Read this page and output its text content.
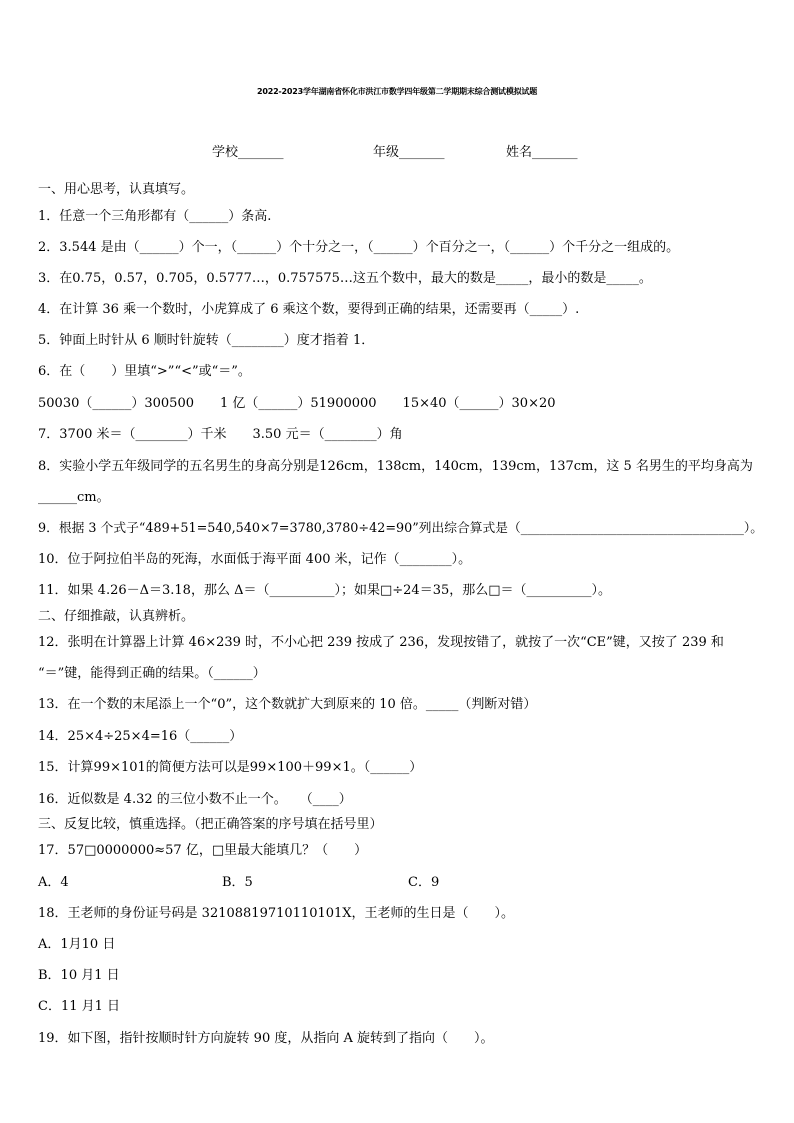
2022-2023学年湖南省怀化市洪江市数学四年级第二学期期末综合测试模拟试题
学校_______	年级_______	姓名_______
一、用心思考，认真填写。
1．任意一个三角形都有（______）条高.
2．3.544 是由（______）个一，（______）个十分之一，（______）个百分之一，（______）个千分之一组成的。
3．在0.75，0.57，0.705，0.5777…，0.757575…这五个数中，最大的数是_____，最小的数是_____。
4．在计算 36 乘一个数时，小虎算成了 6 乘这个数，要得到正确的结果，还需要再（_____）.
5．钟面上时针从 6 顺时针旋转（________）度才指着 1．
6．在（　　）里填“>”“<”或“＝”。
50030（______）300500　　1 亿（______）51900000　　15×40（______）30×20
7．3700 米＝（________）千米　　3.50 元＝（________）角
8．实验小学五年级同学的五名男生的身高分别是126cm，138cm，140cm，139cm，137cm，这 5 名男生的平均身高为
______cm。
9．根据 3 个式子“489+51=540,540×7=3780,3780÷42=90”列出综合算式是（___________________________________）。
10．位于阿拉伯半岛的死海，水面低于海平面 400 米，记作（________）。
11．如果 4.26－Δ＝3.18，那么 Δ＝（__________）；如果□÷24＝35，那么□＝（__________）。
二、仔细推敲，认真辨析。
12．张明在计算器上计算 46×239 时，不小心把 239 按成了 236，发现按错了，就按了一次“CE”键，又按了 239 和
“＝”键，能得到正确的结果。（______）
13．在一个数的末尾添上一个“0”，这个数就扩大到原来的 10 倍。_____（判断对错）
14．25×4÷25×4=16（______）
15．计算99×101的简便方法可以是99×100＋99×1。（______）
16．近似数是 4.32 的三位小数不止一个。　　（____）
三、反复比较，慎重选择。（把正确答案的序号填在括号里）
17．57□0000000≈57 亿，□里最大能填几？（　　）
A．4	B．5	C．9
18．王老师的身份证号码是 32108819710110101X，王老师的生日是（　　）。
A．1月10 日
B．10 月1 日
C．11 月1 日
19．如下图，指针按顺时针方向旋转 90 度，从指向 A 旋转到了指向（　　）。
